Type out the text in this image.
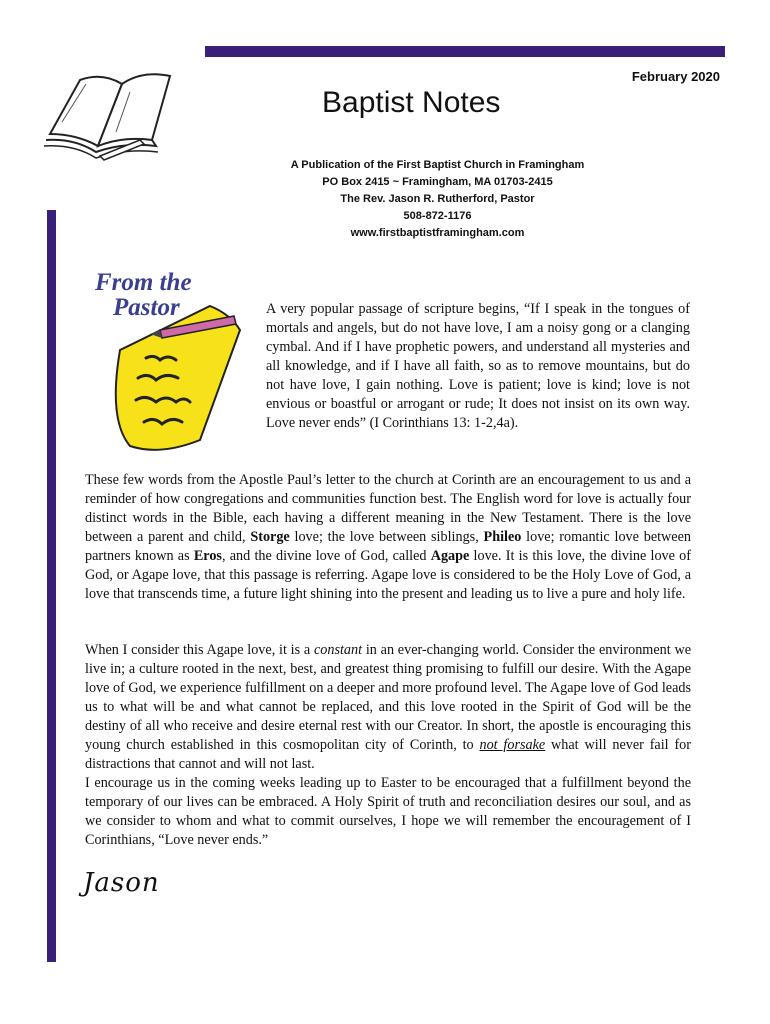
February 2020
Baptist Notes
A Publication of the First Baptist Church in Framingham
PO Box 2415 ~ Framingham, MA 01703-2415
The Rev. Jason R. Rutherford, Pastor
508-872-1176
www.firstbaptistframingham.com
From the
Pastor	A very popular passage of scripture begins, “If I speak in the tongues of mortals and angels, but do not have love, I am a noisy gong or a clanging cymbal. And if I have prophetic powers, and understand all mysteries and all knowledge, and if I have all faith, so as to remove mountains, but do not have love, I gain nothing. Love is patient; love is kind; love is not envious or boastful or arrogant or rude; It does not insist on its own way. Love never ends” (I Corinthians 13: 1-2,4a).

These few words from the Apostle Paul’s letter to the church at Corinth are an encouragement to us and a reminder of how congregations and communities function best. The English word for love is actually four distinct words in the Bible, each having a different meaning in the New Testament. There is the love between a parent and child, Storge love; the love between siblings, Phileo love; romantic love between partners known as Eros, and the divine love of God, called Agape love. It is this love, the divine love of God, or Agape love, that this passage is referring. Agape love is considered to be the Holy Love of God, a love that transcends time, a future light shining into the present and leading us to live a pure and holy life.

When I consider this Agape love, it is a constant in an ever-changing world. Consider the environment we live in; a culture rooted in the next, best, and greatest thing promising to fulfill our desire. With the Agape love of God, we experience fulfillment on a deeper and more profound level. The Agape love of God leads us to what will be and what cannot be replaced, and this love rooted in the Spirit of God will be the destiny of all who receive and desire eternal rest with our Creator. In short, the apostle is encouraging this young church established in this cosmopolitan city of Corinth, to not forsake what will never fail for distractions that cannot and will not last.
I encourage us in the coming weeks leading up to Easter to be encouraged that a fulfillment beyond the temporary of our lives can be embraced. A Holy Spirit of truth and reconciliation desires our soul, and as we consider to whom and what to commit ourselves, I hope we will remember the encouragement of I Corinthians, “Love never ends.”

Jason
